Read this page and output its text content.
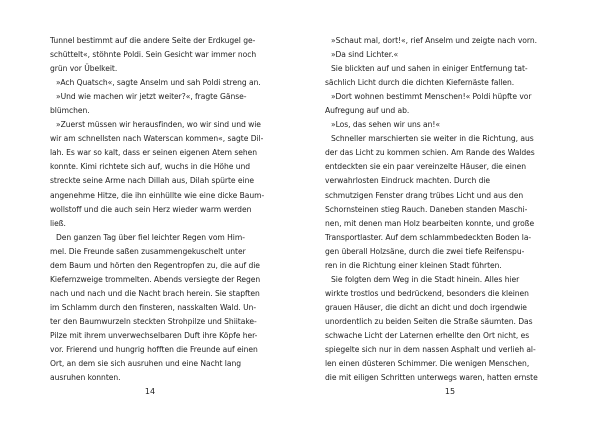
Tunnel bestimmt auf die andere Seite der Erdkugel ge-
schüttelt«, stöhnte Poldi. Sein Gesicht war immer noch
grün vor Übelkeit.
»Ach Quatsch«, sagte Anselm und sah Poldi streng an.
»Und wie machen wir jetzt weiter?«, fragte Gänse-
blümchen.
»Zuerst müssen wir herausfinden, wo wir sind und wie
wir am schnellsten nach Waterscan kommen«, sagte Dil-
lah. Es war so kalt, dass er seinen eigenen Atem sehen
konnte. Kimi richtete sich auf, wuchs in die Höhe und
streckte seine Arme nach Dillah aus, Dilah spürte eine
angenehme Hitze, die ihn einhüllte wie eine dicke Baum-
wollstoff und die auch sein Herz wieder warm werden
ließ.
Den ganzen Tag über fiel leichter Regen vom Him-
mel. Die Freunde saßen zusammengekuschelt unter
dem Baum und hörten den Regentropfen zu, die auf die
Kiefernzweige trommelten. Abends versiegte der Regen
nach und nach und die Nacht brach herein. Sie stapften
im Schlamm durch den finsteren, nasskalten Wald. Un-
ter den Baumwurzeln steckten Strohpilze und Shiitake-
Pilze mit ihrem unverwechselbaren Duft ihre Köpfe her-
vor. Frierend und hungrig hofften die Freunde auf einen
Ort, an dem sie sich ausruhen und eine Nacht lang
ausruhen konnten.
»Schaut mal, dort!«, rief Anselm und zeigte nach vorn.
»Da sind Lichter.«
Sie blickten auf und sahen in einiger Entfernung tat-
sächlich Licht durch die dichten Kiefernäste fallen.
»Dort wohnen bestimmt Menschen!« Poldi hüpfte vor
Aufregung auf und ab.
»Los, das sehen wir uns an!«
Schneller marschierten sie weiter in die Richtung, aus
der das Licht zu kommen schien. Am Rande des Waldes
entdeckten sie ein paar vereinzelte Häuser, die einen
verwahrlosten Eindruck machten. Durch die
schmutzigen Fenster drang trübes Licht und aus den
Schornsteinen stieg Rauch. Daneben standen Maschi-
nen, mit denen man Holz bearbeiten konnte, und große
Transportlaster. Auf dem schlammbedeckten Boden la-
gen überall Holzsäne, durch die zwei tiefe Reifenspu-
ren in die Richtung einer kleinen Stadt führten.
Sie folgten dem Weg in die Stadt hinein. Alles hier
wirkte trostlos und bedrückend, besonders die kleinen
grauen Häuser, die dicht an dicht und doch irgendwie
unordentlich zu beiden Seiten die Straße säumten. Das
schwache Licht der Laternen erhellte den Ort nicht, es
spiegelte sich nur in dem nassen Asphalt und verlieh al-
len einen düsteren Schimmer. Die wenigen Menschen,
die mit eiligen Schritten unterwegs waren, hatten ernste
14	15
